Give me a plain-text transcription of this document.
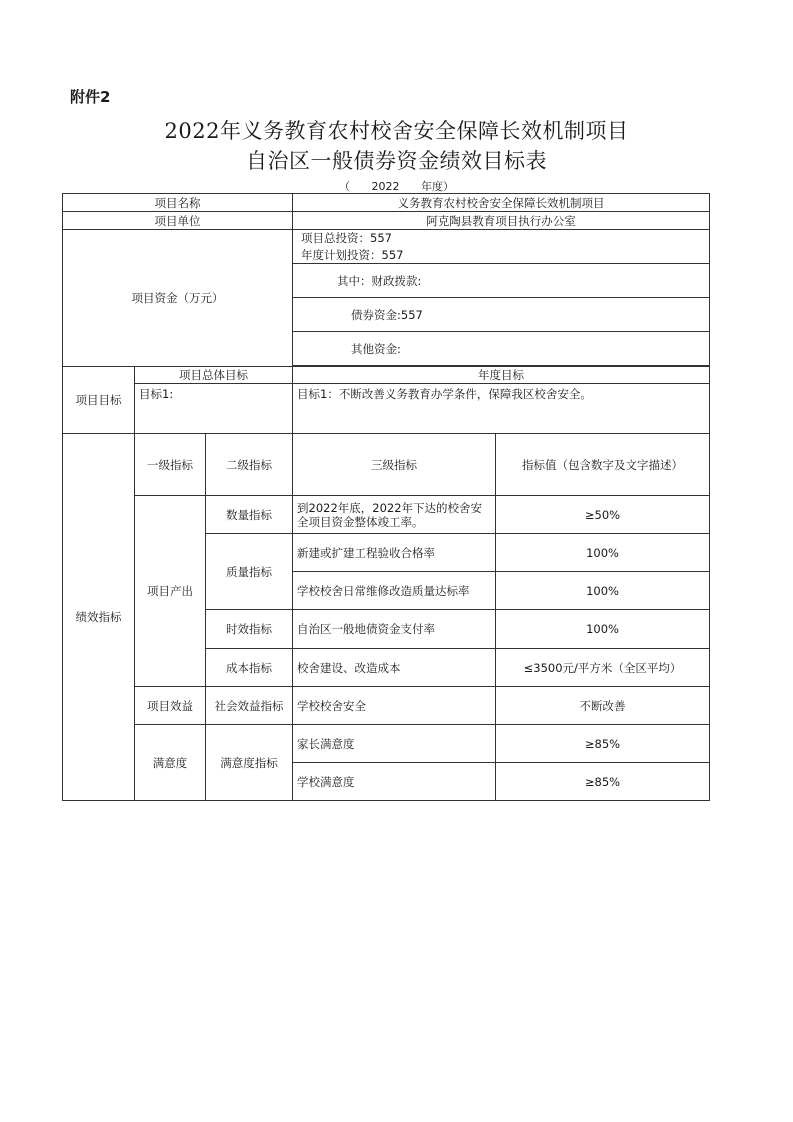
附件2
2022年义务教育农村校舍安全保障长效机制项目
自治区一般债券资金绩效目标表
（ 2022 年度）
项目名称			义务教育农村校舍安全保障长效机制项目	
项目单位			阿克陶县教育项目执行办公室	
项目资金（万元）			项目总投资：557	
			年度计划投资：557	
			其中：财政拨款:	
			债券资金:557	
			其他资金:	

项目目标	项目总体目标		年度目标	
	目标1:		目标1：不断改善义务教育办学条件，保障我区校舍安全。	
绩效指标	一级指标	二级指标	三级指标	指标值（包含数字及文字描述）
	项目产出	数量指标	到2022年底，2022年下达的校舍安全项目资金整体竣工率。	≥50%
		质量指标	新建或扩建工程验收合格率	100%
			学校校舍日常维修改造质量达标率	100%
		时效指标	自治区一般地债资金支付率	100%
		成本指标	校舍建设、改造成本	≤3500元/平方米（全区平均）
	项目效益	社会效益指标	学校校舍安全	不断改善
	满意度	满意度指标	家长满意度	≥85%
			学校满意度	≥85%
